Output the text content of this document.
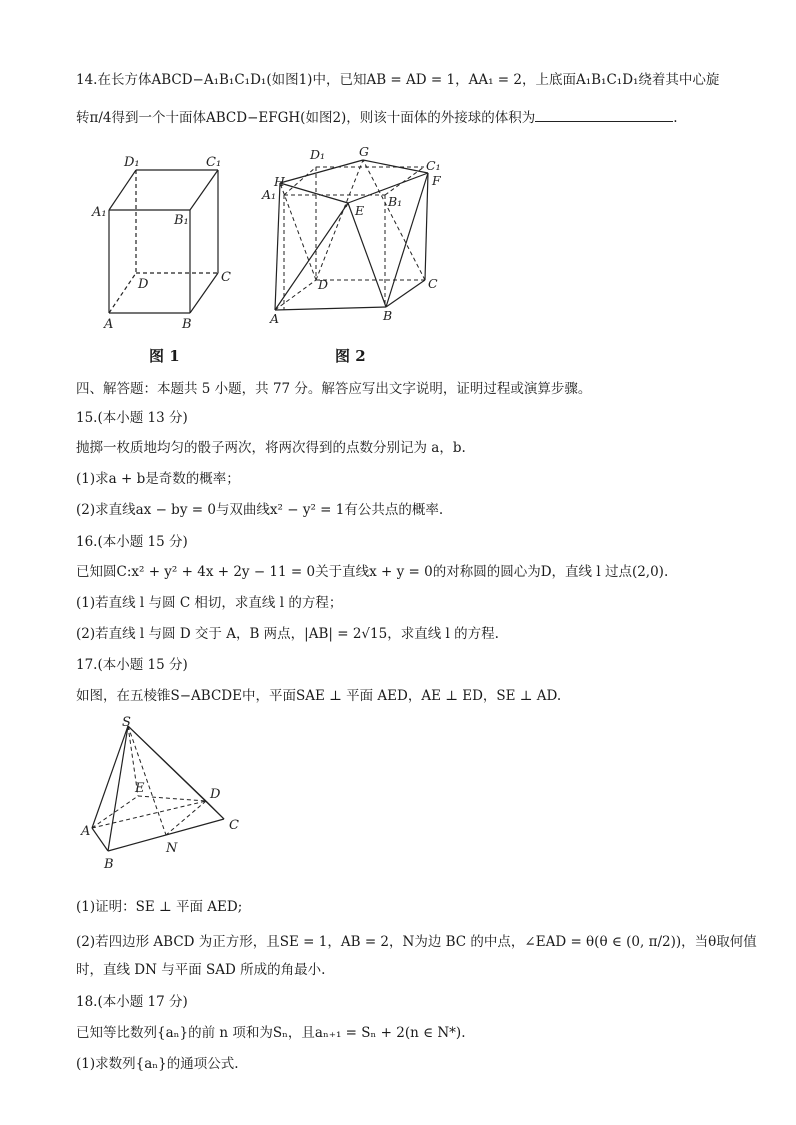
14.在长方体ABCD−A₁B₁C₁D₁(如图1)中，已知AB = AD = 1，AA₁ = 2，上底面A₁B₁C₁D₁绕着其中心旋
转π/4得到一个十面体ABCD−EFGH(如图2)，则该十面体的外接球的体积为	.
D₁	C₁
A₁
B₁
D	C
A	B
图 1
D₁	G
C₁
H	F
A₁
E
B₁
D	C
A	B
图 2
四、解答题：本题共 5 小题，共 77 分。解答应写出文字说明，证明过程或演算步骤。
15.(本小题 13 分)
抛掷一枚质地均匀的骰子两次，将两次得到的点数分别记为 a，b.
(1)求a + b是奇数的概率；
(2)求直线ax − by = 0与双曲线x² − y² = 1有公共点的概率.
16.(本小题 15 分)
已知圆C:x² + y² + 4x + 2y − 11 = 0关于直线x + y = 0的对称圆的圆心为D，直线 l 过点(2,0).
(1)若直线 l 与圆 C 相切，求直线 l 的方程；
(2)若直线 l 与圆 D 交于 A，B 两点，|AB| = 2√15，求直线 l 的方程.
17.(本小题 15 分)
如图，在五棱锥S−ABCDE中，平面SAE ⊥ 平面 AED，AE ⊥ ED，SE ⊥ AD.
S
E	D
A	C
B
N
(1)证明：SE ⊥ 平面 AED;
(2)若四边形 ABCD 为正方形，且SE = 1，AB = 2，N为边 BC 的中点，∠EAD = θ(θ ∈ (0, π/2))，当θ取何值
时，直线 DN 与平面 SAD 所成的角最小.
18.(本小题 17 分)
已知等比数列{aₙ}的前 n 项和为Sₙ，且aₙ₊₁ = Sₙ + 2(n ∈ N*).
(1)求数列{aₙ}的通项公式.
